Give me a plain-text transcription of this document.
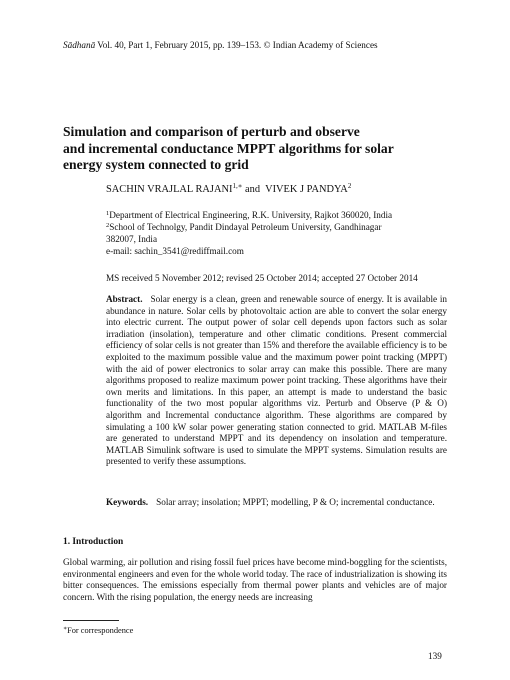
Sādhanā Vol. 40, Part 1, February 2015, pp. 139–153. © Indian Academy of Sciences
Simulation and comparison of perturb and observe
and incremental conductance MPPT algorithms for solar
energy system connected to grid
SACHIN VRAJLAL $RAJANI^{1,∗}$ and  VIVEK J PANDYA$^2$
$^1$Department of Electrical Engineering, R.K. University, Rajkot 360020, India
$^2$School of Technolgy, Pandit Dindayal Petroleum University, Gandhinagar
382007, India
e-mail: sachin_3541@rediffmail.com
MS received 5 November 2012; revised 25 October 2014; accepted 27 October 2014
Abstract. Solar energy is a clean, green and renewable source of energy. It is available in abundance in nature. Solar cells by photovoltaic action are able to convert the solar energy into electric current. The output power of solar cell depends upon factors such as solar irradiation (insolation), temperature and other climatic conditions. Present commercial efficiency of solar cells is not greater than 15% and therefore the available efficiency is to be exploited to the maximum possible value and the maximum power point tracking (MPPT) with the aid of power electronics to solar array can make this possible. There are many algorithms proposed to realize maximum power point tracking. These algorithms have their own merits and limitations. In this paper, an attempt is made to understand the basic functionality of the two most popular algorithms viz. Perturb and Observe (P & O) algorithm and Incremental conductance algorithm. These algorithms are compared by simulating a 100 kW solar power generating station connected to grid. MATLAB M-files are generated to understand MPPT and its dependency on insolation and temperature. MATLAB Simulink software is used to simulate the MPPT systems. Simulation results are presented to verify these assumptions.
Keywords. Solar array; insolation; MPPT; modelling, P & O; incremental conductance.
1. Introduction
Global warming, air pollution and rising fossil fuel prices have become mind-boggling for the scientists, environmental engineers and even for the whole world today. The race of industrialization is showing its bitter consequences. The emissions especially from thermal power plants and vehicles are of major concern. With the rising population, the energy needs are increasing
∗For correspondence
139
